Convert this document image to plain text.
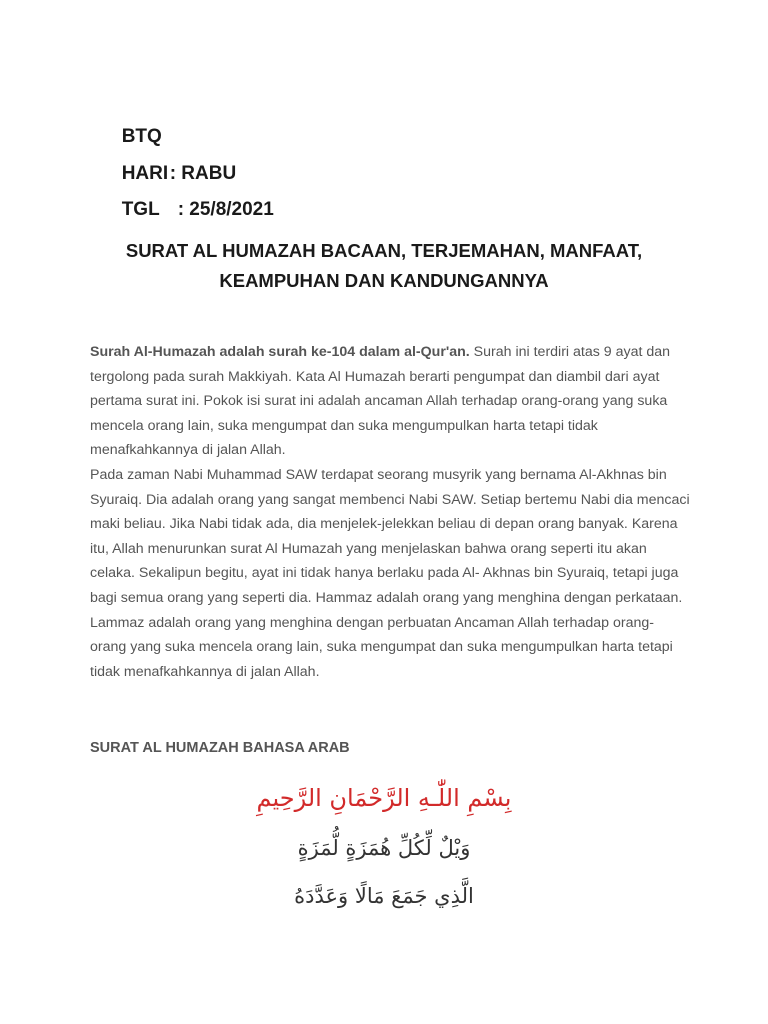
BTQ

HARI: RABU

TGL : 25/8/2021

SURAT AL HUMAZAH BACAAN, TERJEMAHAN, MANFAAT,
KEAMPUHAN DAN KANDUNGANNYA

Surah Al-Humazah adalah surah ke-104 dalam al-Qur'an. Surah ini terdiri atas 9 ayat dan tergolong pada surah Makkiyah. Kata Al Humazah berarti pengumpat dan diambil dari ayat pertama surat ini. Pokok isi surat ini adalah ancaman Allah terhadap orang-orang yang suka mencela orang lain, suka mengumpat dan suka mengumpulkan harta tetapi tidak menafkahkannya di jalan Allah.

Pada zaman Nabi Muhammad SAW terdapat seorang musyrik yang bernama Al-Akhnas bin Syuraiq. Dia adalah orang yang sangat membenci Nabi SAW. Setiap bertemu Nabi dia mencaci maki beliau. Jika Nabi tidak ada, dia menjelek-jelekkan beliau di depan orang banyak. Karena itu, Allah menurunkan surat Al Humazah yang menjelaskan bahwa orang seperti itu akan celaka. Sekalipun begitu, ayat ini tidak hanya berlaku pada Al- Akhnas bin Syuraiq, tetapi juga bagi semua orang yang seperti dia. Hammaz adalah orang yang menghina dengan perkataan. Lammaz adalah orang yang menghina dengan perbuatan Ancaman Allah terhadap orang-orang yang suka mencela orang lain, suka mengumpat dan suka mengumpulkan harta tetapi tidak menafkahkannya di jalan Allah.

SURAT AL HUMAZAH BAHASA ARAB
بِسْمِ اللّٰـهِ الرَّحْمَانِ الرَّحِيمِ
وَيْلٌ لِّكُلِّ هُمَزَةٍ لُّمَزَةٍ
الَّذِي جَمَعَ مَالًا وَعَدَّدَهُ
